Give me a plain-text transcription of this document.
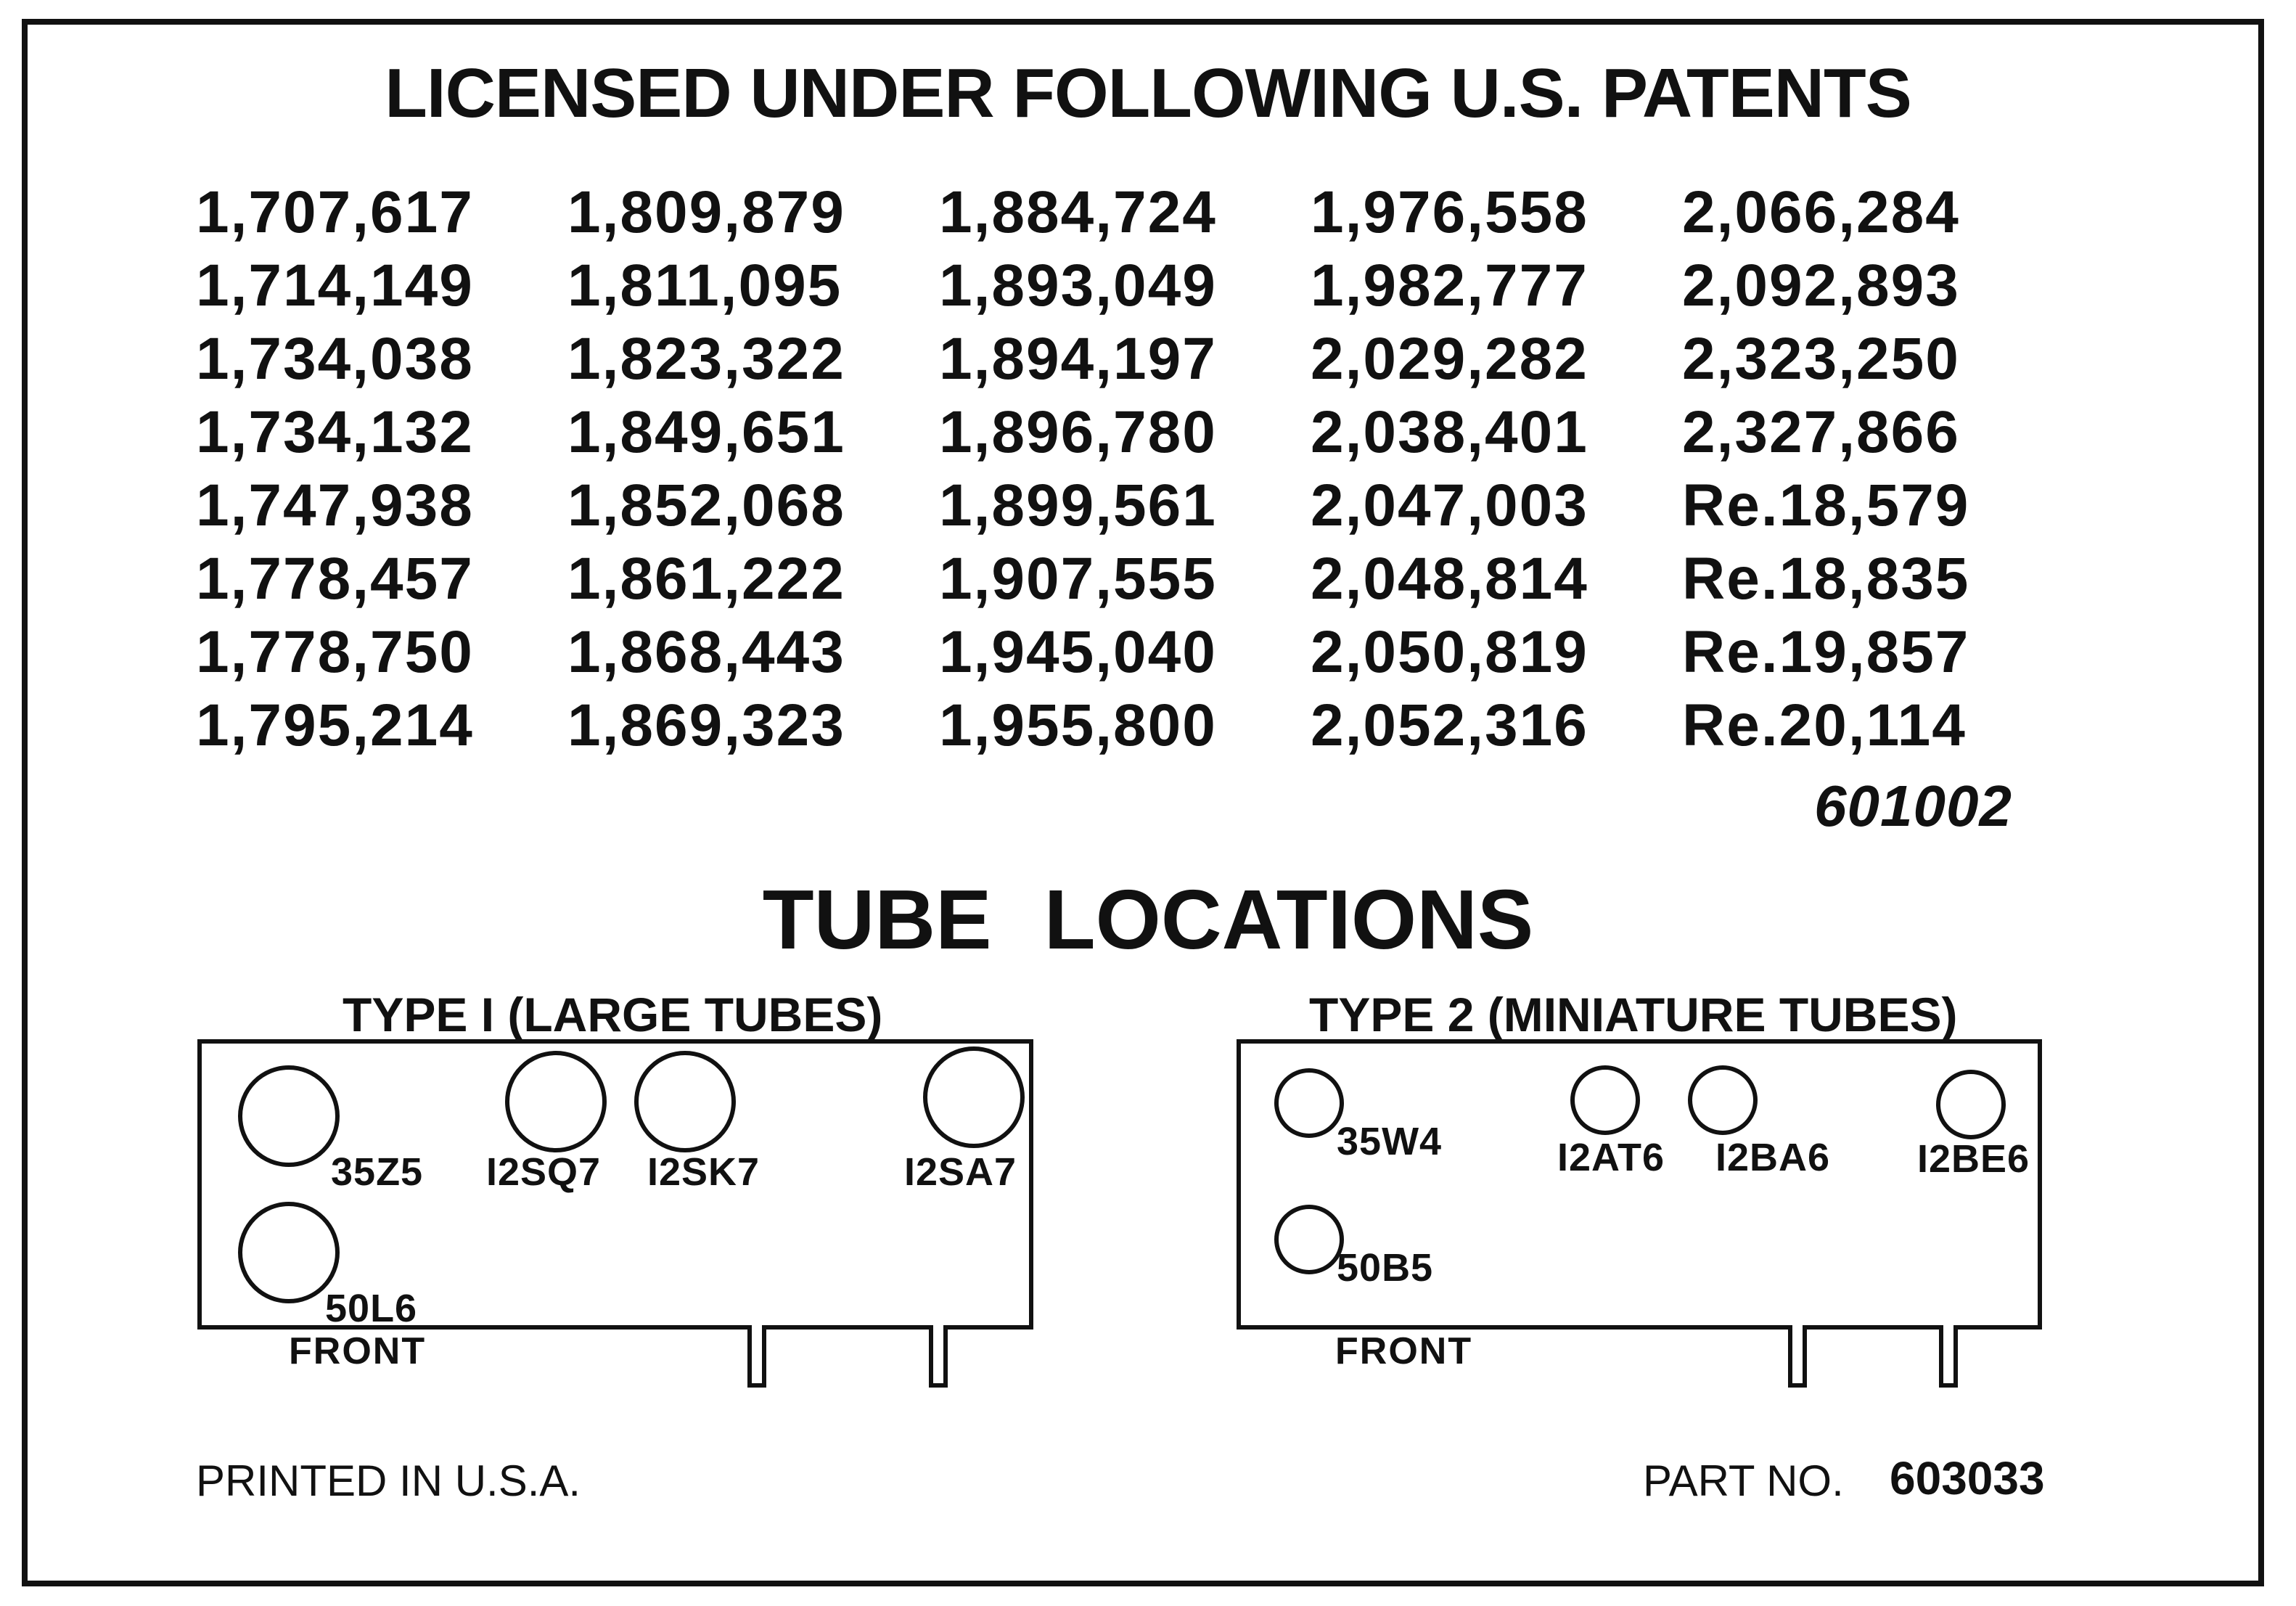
LICENSED UNDER FOLLOWING U.S. PATENTS
1,707,617	1,809,879	1,884,724	1,976,558	2,066,284
1,714,149	1,811,095	1,893,049	1,982,777	2,092,893
1,734,038	1,823,322	1,894,197	2,029,282	2,323,250
1,734,132	1,849,651	1,896,780	2,038,401	2,327,866
1,747,938	1,852,068	1,899,561	2,047,003	Re.18,579
1,778,457	1,861,222	1,907,555	2,048,814	Re.18,835
1,778,750	1,868,443	1,945,040	2,050,819	Re.19,857
1,795,214	1,869,323	1,955,800	2,052,316	Re.20,114
601002
TUBE LOCATIONS
TYPE I (LARGE TUBES)
35Z5 I2SQ7 I2SK7	I2SA7
50L6
FRONT
TYPE 2 (MINIATURE TUBES)
35W4	I2AT6 I2BA6 I2BE6
50B5
FRONT
PRINTED IN U.S.A.	PART NO. 603033
